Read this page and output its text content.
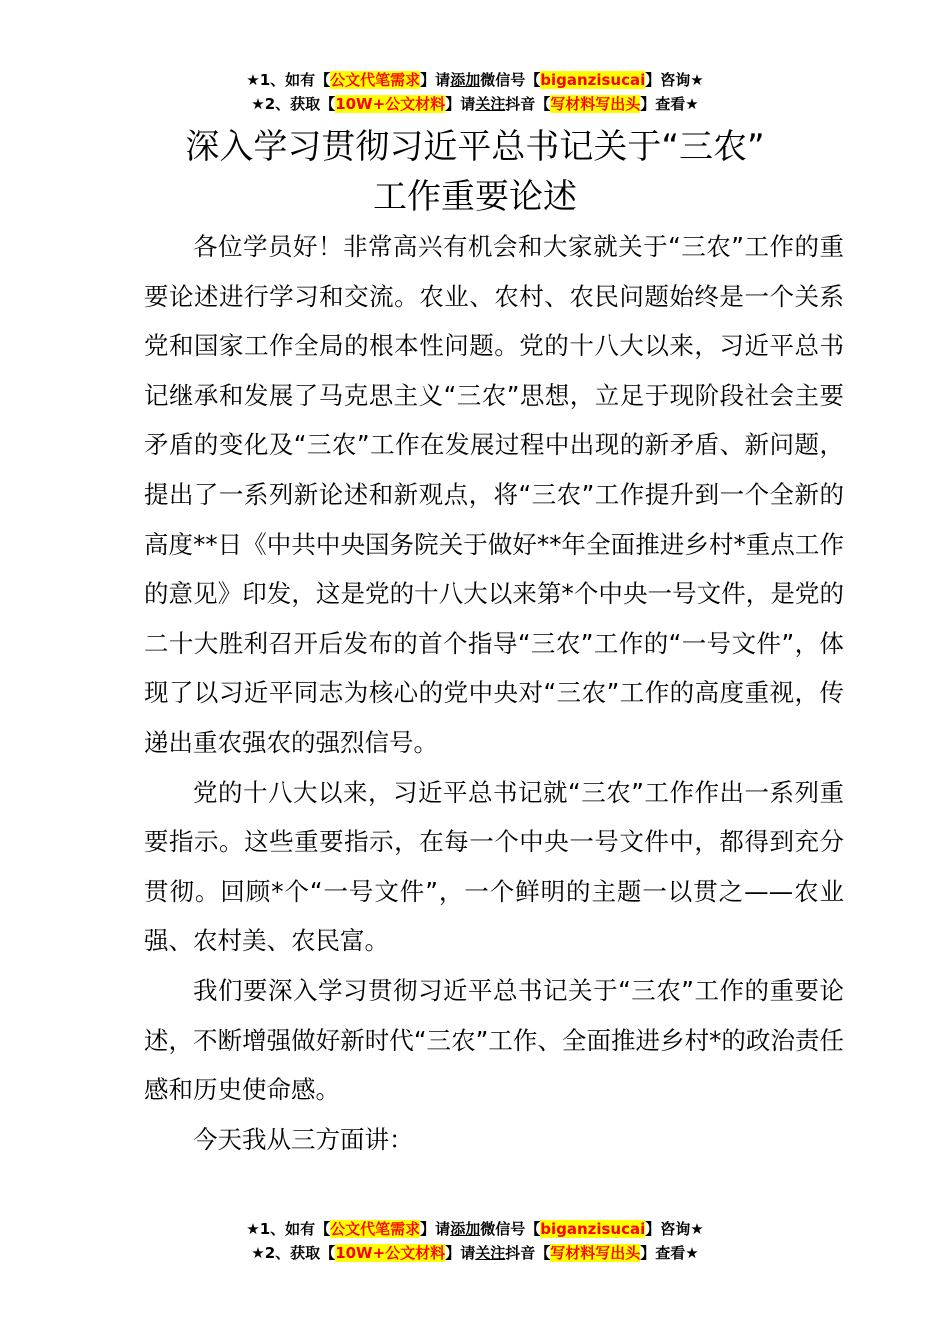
★1、如有【公文代笔需求】请添加微信号【biganzisucai】咨询★
★2、获取【10W+公文材料】请关注抖音【写材料写出头】查看★
深入学习贯彻习近平总书记关于“三农”
工作重要论述

各位学员好！非常高兴有机会和大家就关于“三农”工作的重要论述进行学习和交流。农业、农村、农民问题始终是一个关系党和国家工作全局的根本性问题。党的十八大以来，习近平总书记继承和发展了马克思主义“三农”思想，立足于现阶段社会主要矛盾的变化及“三农”工作在发展过程中出现的新矛盾、新问题，提出了一系列新论述和新观点，将“三农”工作提升到一个全新的高度**日《中共中央国务院关于做好**年全面推进乡村*重点工作的意见》印发，这是党的十八大以来第*个中央一号文件，是党的二十大胜利召开后发布的首个指导“三农”工作的“一号文件”，体现了以习近平同志为核心的党中央对“三农”工作的高度重视，传递出重农强农的强烈信号。

党的十八大以来，习近平总书记就“三农”工作作出一系列重要指示。这些重要指示，在每一个中央一号文件中，都得到充分贯彻。回顾*个“一号文件”，一个鲜明的主题一以贯之——农业强、农村美、农民富。

我们要深入学习贯彻习近平总书记关于“三农”工作的重要论述，不断增强做好新时代“三农”工作、全面推进乡村*的政治责任感和历史使命感。

今天我从三方面讲：

★1、如有【公文代笔需求】请添加微信号【biganzisucai】咨询★
★2、获取【10W+公文材料】请关注抖音【写材料写出头】查看★
